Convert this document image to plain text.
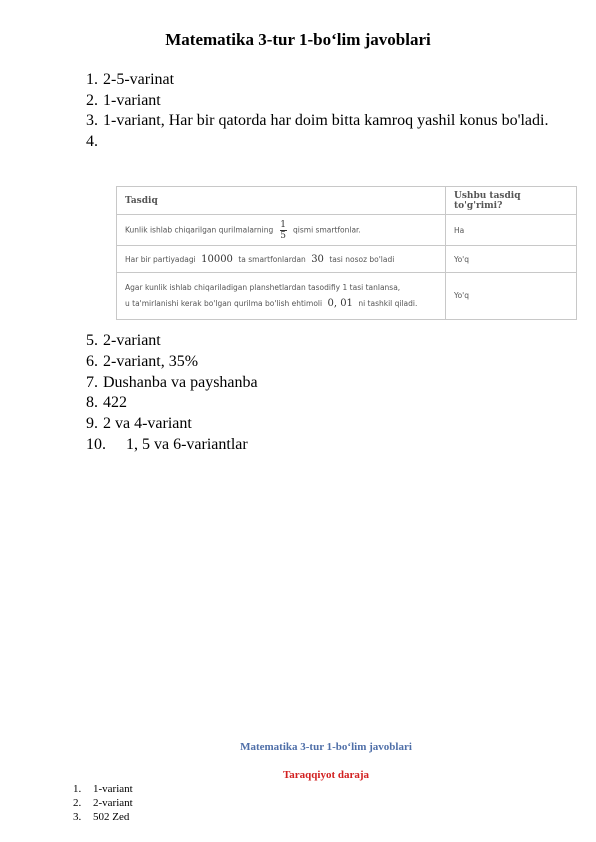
Matematika 3-tur 1-bo‘lim javoblari
1. 2-5-varinat
2. 1-variant
3. 1-variant, Har bir qatorda har doim bitta kamroq yashil konus bo'ladi.
4.
Tasdiq	Ushbu tasdiq to'g'rimi?
Kunlik ishlab chiqarilgan qurilmalarning $\frac{1}{5}$ qismi smartfonlar.	Ha
Har bir partiyadagi 10000 ta smartfonlardan 30 tasi nosoz bo'ladi	Yo'q

Agar kunlik ishlab chiqariladigan planshetlardan tasodifiy 1 tasi tanlansa,
u ta'mirlanishi kerak bo'lgan qurilma bo'lish ehtimoli 0, 01 ni tashkil qiladi.	Yo'q
5. 2-variant
6. 2-variant, 35%
7. Dushanba va payshanba
8. 422
9. 2 va 4-variant
10.	1, 5 va 6-variantlar
Matematika 3-tur 1-bo‘lim javoblari
Taraqqiyot daraja
1.	1-variant
2.	2-variant
3.	502 Zed
